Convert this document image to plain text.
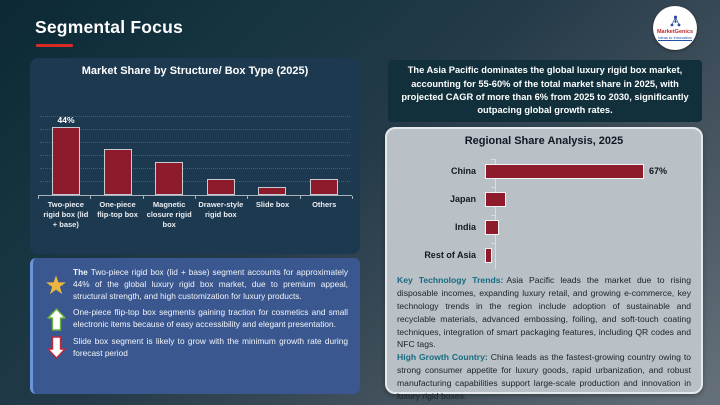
Segmental Focus	MarketGenics
Ideas to Innovation
Market Share by Structure/ Box Type (2025)
44%
Two-piece rigid box (lid + base)
One-piece flip-top box
Magnetic closure rigid box
Drawer-style rigid box
Slide box	Others
★ The Two-piece rigid box (lid + base) segment accounts for approximately 44% of the global luxury rigid box market, due to premium appeal, structural strength, and high customization for luxury products.
One-piece flip-top box segments gaining traction for cosmetics and small electronic items because of easy accessibility and elegant presentation.
Slide box segment is likely to grow with the minimum growth rate during forecast period
The Asia Pacific dominates the global luxury rigid box market, accounting for 55-60% of the total market share in 2025, with projected CAGR of more than 6% from 2025 to 2030, significantly outpacing global growth rates.
Regional Share Analysis, 2025
China	67%
Japan
India
Rest of Asia

Key Technology Trends: Asia Pacific leads the market due to rising disposable incomes, expanding luxury retail, and growing e-commerce, key technology trends in the region include adoption of sustainable and recyclable materials, advanced embossing, foiling, and soft-touch coating techniques, integration of smart packaging features, including QR codes and NFC tags.

High Growth Country: China leads as the fastest-growing country owing to strong consumer appetite for luxury goods, rapid urbanization, and robust manufacturing capabilities support large-scale production and innovation in luxury rigid boxes.
